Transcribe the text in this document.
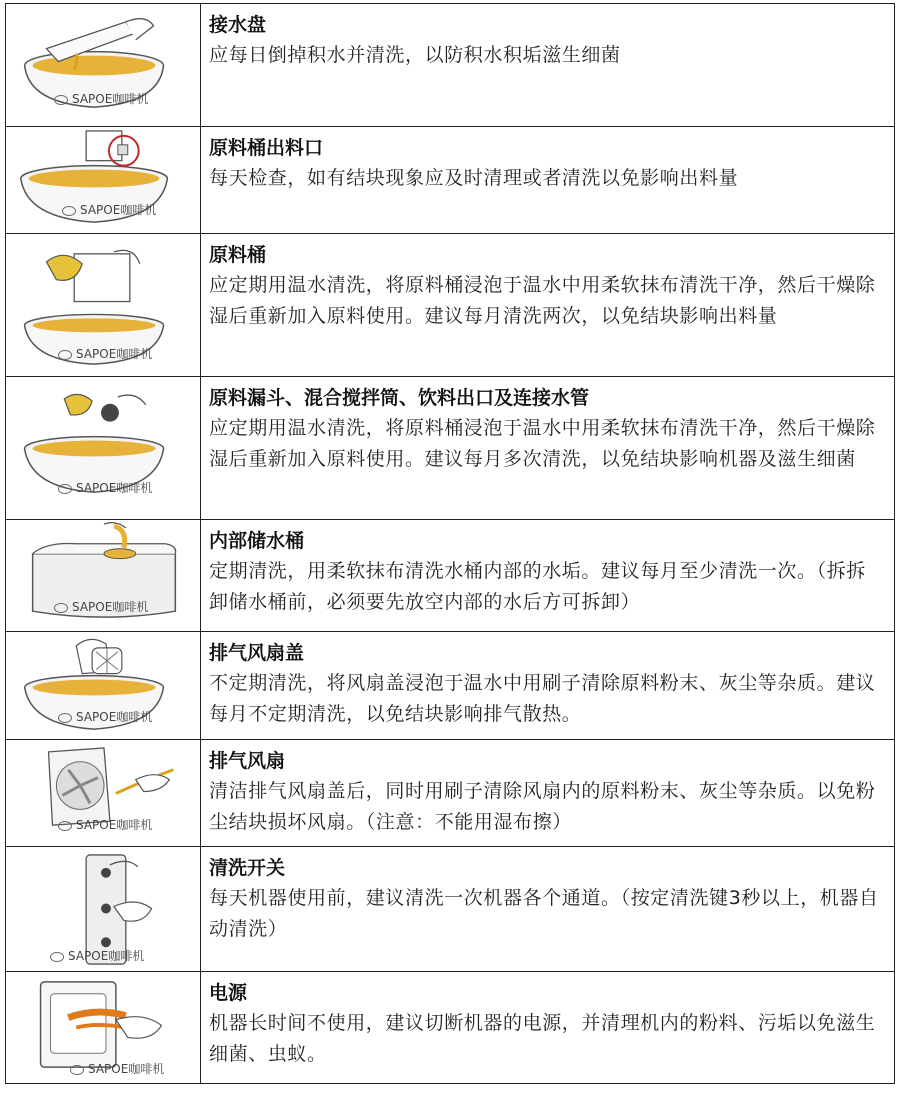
SAPOE咖啡机	接水盘
应每日倒掉积水并清洗，以防积水积垢滋生细菌

SAPOE咖啡机	原料桶出料口
每天检查，如有结块现象应及时清理或者清洗以免影响出料量

SAPOE咖啡机	原料桶
应定期用温水清洗，将原料桶浸泡于温水中用柔软抹布清洗干净，然后干燥除湿后重新加入原料使用。建议每月清洗两次，以免结块影响出料量

SAPOE咖啡机	原料漏斗、混合搅拌筒、饮料出口及连接水管
应定期用温水清洗，将原料桶浸泡于温水中用柔软抹布清洗干净，然后干燥除湿后重新加入原料使用。建议每月多次清洗，以免结块影响机器及滋生细菌

SAPOE咖啡机	内部储水桶
定期清洗，用柔软抹布清洗水桶内部的水垢。建议每月至少清洗一次。（拆拆卸储水桶前，必须要先放空内部的水后方可拆卸）

SAPOE咖啡机	排气风扇盖
不定期清洗，将风扇盖浸泡于温水中用刷子清除原料粉末、灰尘等杂质。建议每月不定期清洗，以免结块影响排气散热。

SAPOE咖啡机	排气风扇
清洁排气风扇盖后，同时用刷子清除风扇内的原料粉末、灰尘等杂质。以免粉尘结块损坏风扇。（注意：不能用湿布擦）

SAPOE咖啡机	清洗开关
每天机器使用前，建议清洗一次机器各个通道。（按定清洗键3秒以上，机器自动清洗）

SAPOE咖啡机	电源
机器长时间不使用，建议切断机器的电源，并清理机内的粉料、污垢以免滋生细菌、虫蚁。
